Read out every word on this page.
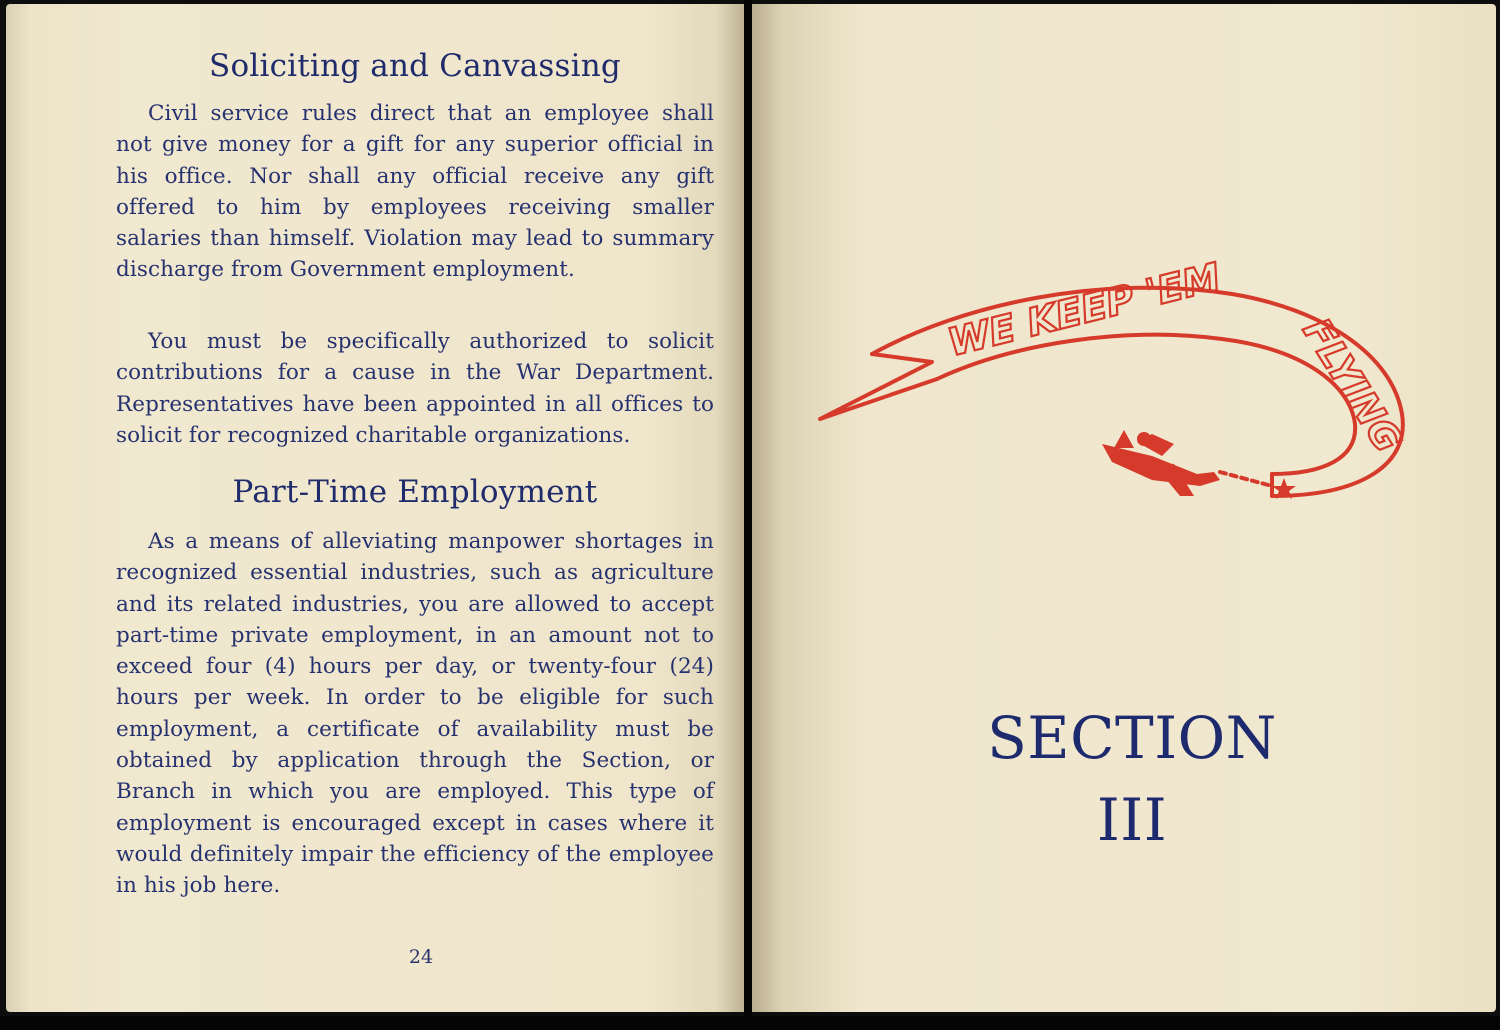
Soliciting and Canvassing

Civil service rules direct that an employee shall not give money for a gift for any superior official in his office. Nor shall any official receive any gift offered to him by employees receiving smaller salaries than himself. Violation may lead to summary discharge from Government employment.

You must be specifically authorized to solicit contributions for a cause in the War Department. Representatives have been appointed in all offices to solicit for recognized charitable organizations.

Part-Time Employment

As a means of alleviating manpower shortages in recognized essential industries, such as agriculture and its related industries, you are allowed to accept part-time private employment, in an amount not to exceed four (4) hours per day, or twenty-four (24) hours per week. In order to be eligible for such employment, a certificate of availability must be obtained by application through the Section, or Branch in which you are employed. This type of employment is encouraged except in cases where it would definitely impair the efficiency of the employee in his job here.

24
WE KEEP 'EM
FLYING
SECTION
III
